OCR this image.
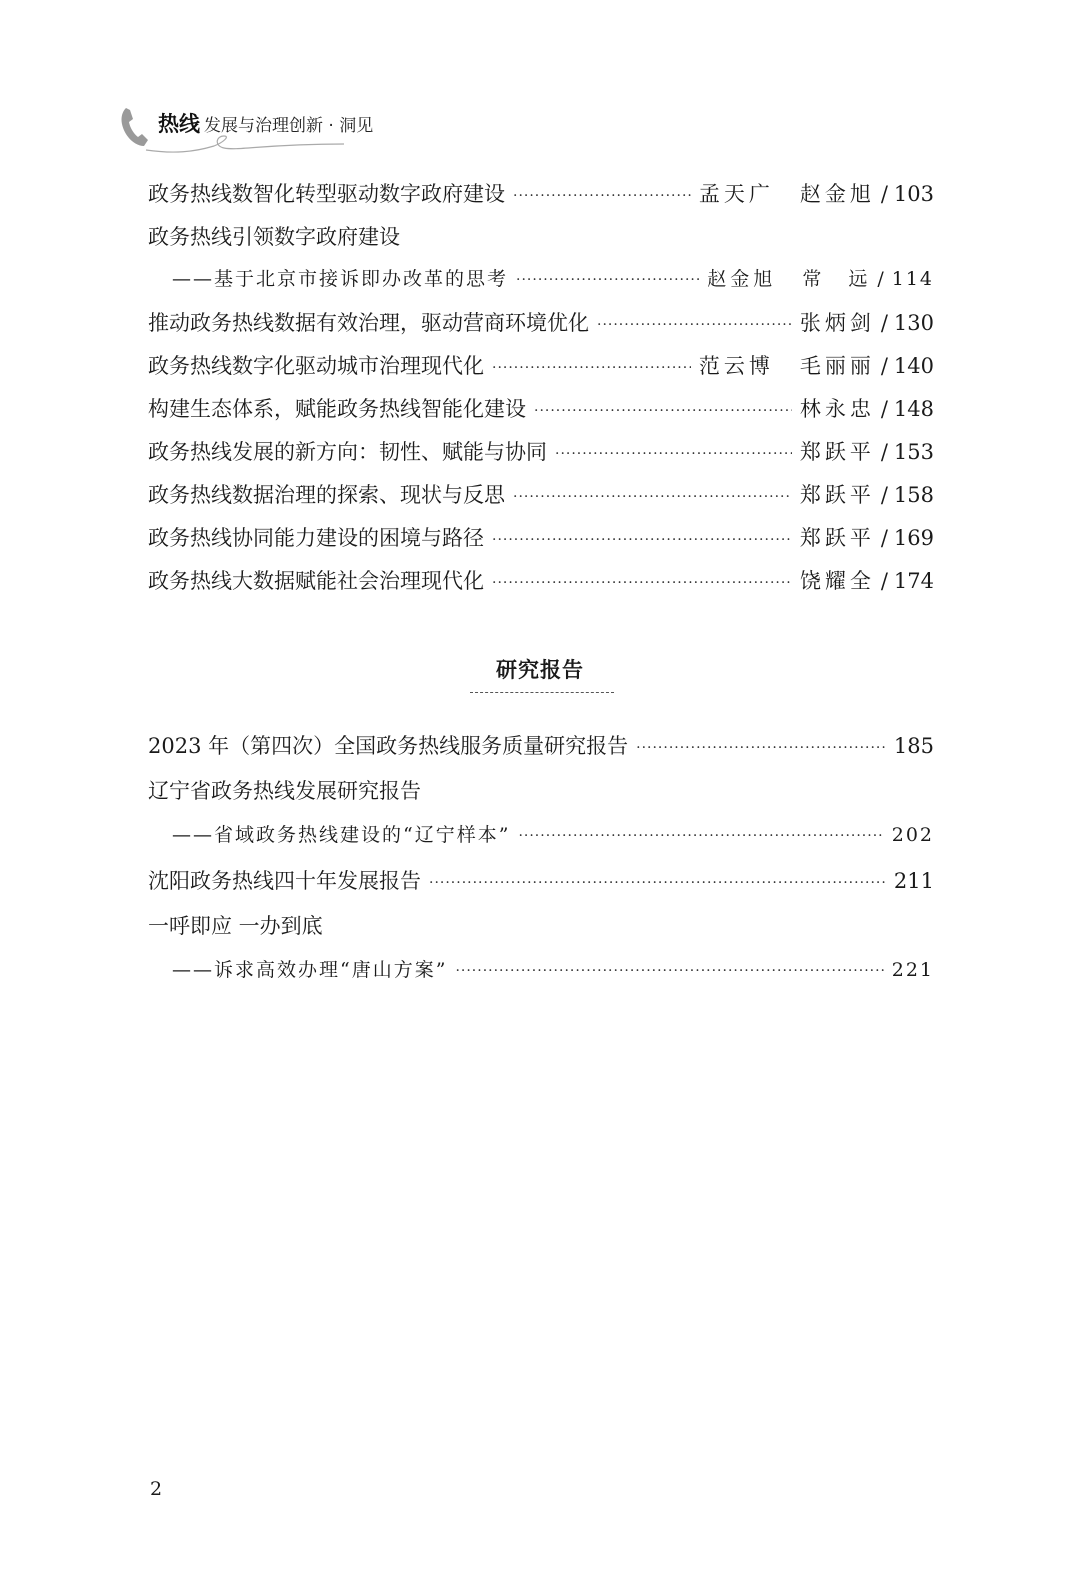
热线 发展与治理创新 · 洞见
政务热线数智化转型驱动数字政府建设 ·····	孟天广 赵金旭 / 103
政务热线引领数字政府建设
——基于北京市接诉即办改革的思考 ·····	赵金旭 常　远 / 114
推动政务热线数据有效治理，驱动营商环境优化 ·····	张炳剑 / 130
政务热线数字化驱动城市治理现代化 ·····	范云博 毛丽丽 / 140
构建生态体系，赋能政务热线智能化建设 ·····	林永忠 / 148
政务热线发展的新方向：韧性、赋能与协同 ·····	郑跃平 / 153
政务热线数据治理的探索、现状与反思 ·····	郑跃平 / 158
政务热线协同能力建设的困境与路径 ·····	郑跃平 / 169
政务热线大数据赋能社会治理现代化 ·····	饶耀全 / 174
研究报告
2023 年（第四次）全国政务热线服务质量研究报告 ·····	185
辽宁省政务热线发展研究报告
——省域政务热线建设的“辽宁样本” ·····	202
沈阳政务热线四十年发展报告 ·····	211
一呼即应 一办到底
——诉求高效办理“唐山方案” ·····	221
2
